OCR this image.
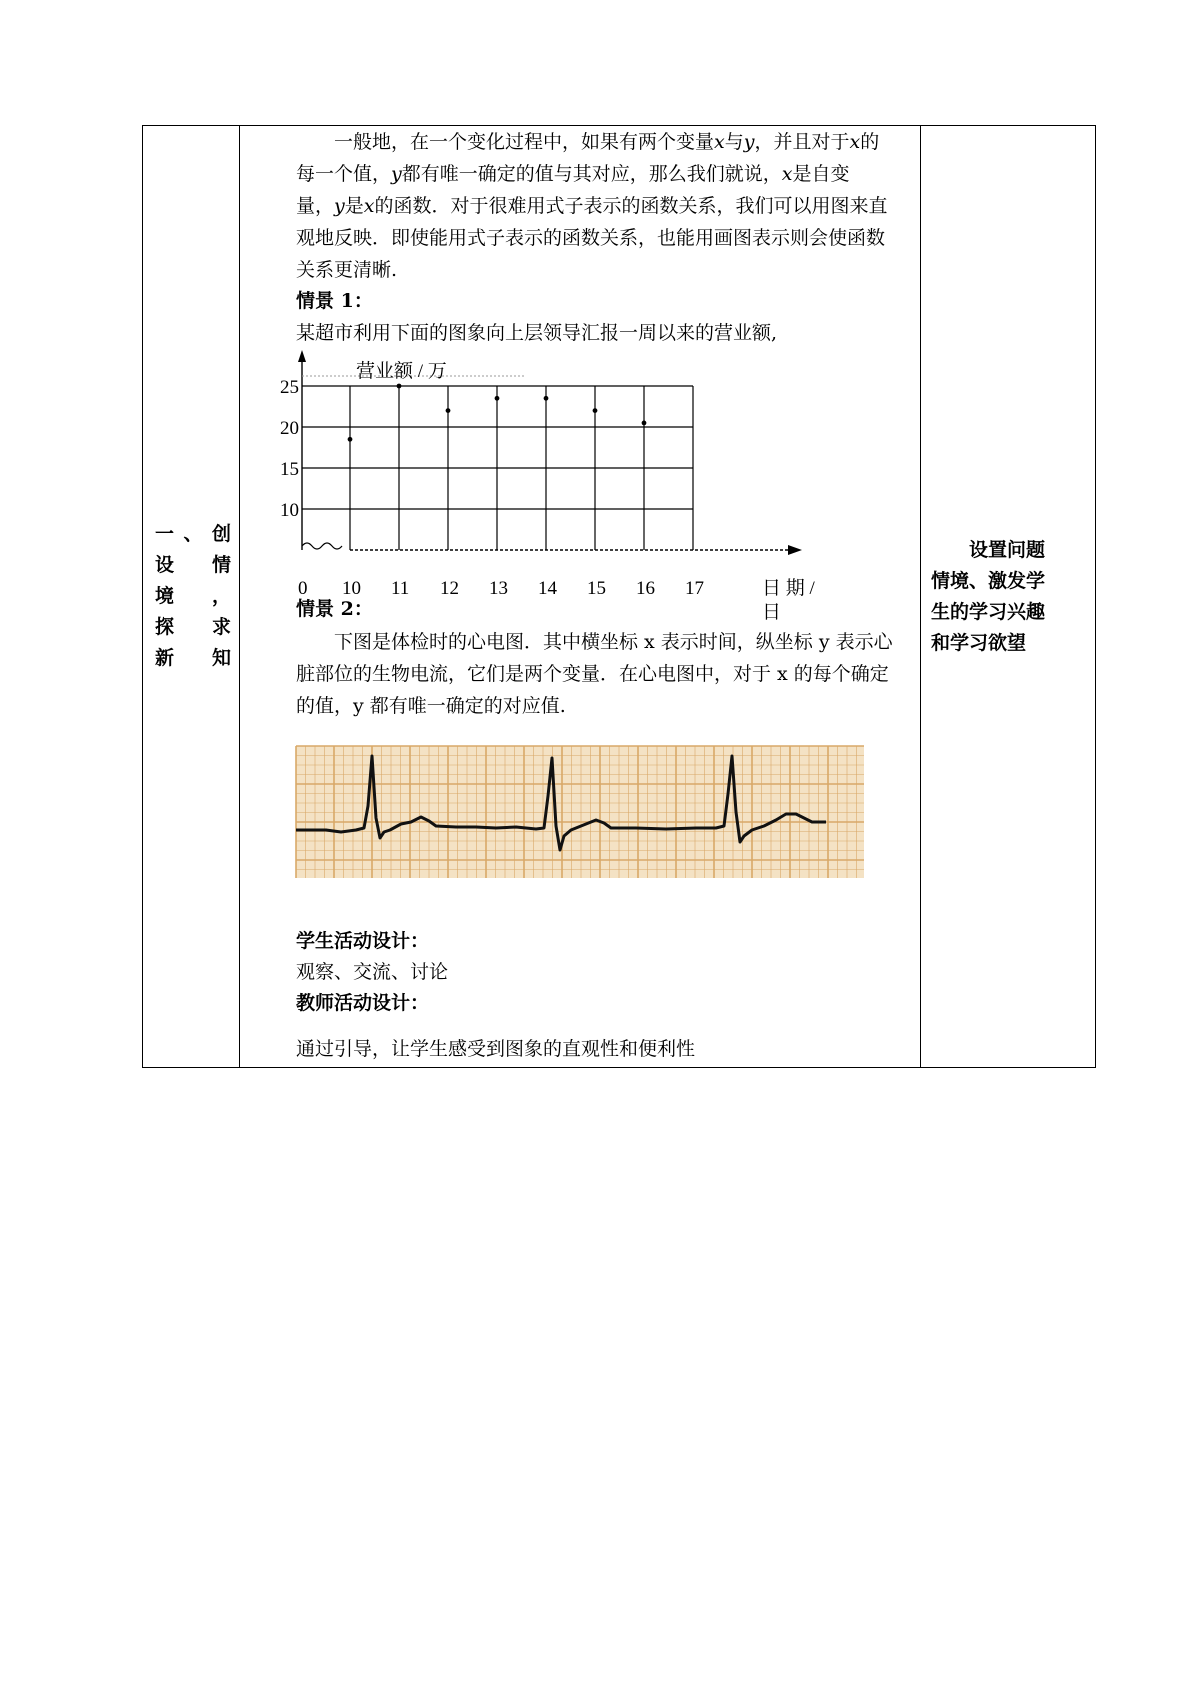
一、创
设 情
境 ，
探 求
新知

一般地，在一个变化过程中，如果有两个变量x与y，并且对于x的
每一个值，y都有唯一确定的值与其对应，那么我们就说，x是自变
量，y是x的函数．对于很难用式子表示的函数关系，我们可以用图来直
观地反映．即使能用式子表示的函数关系，也能用画图表示则会使函数
关系更清晰.

情景 1：

某超市利用下面的图象向上层领导汇报一周以来的营业额,

10
15
20
25
0 10 11 12 13 14 15 16 17
营业额 / 万
日 期 /
日

情景 2：

下图是体检时的心电图．其中横坐标 x 表示时间，纵坐标 y 表示心
脏部位的生物电流，它们是两个变量．在心电图中，对于 x 的每个确定
的值，y 都有唯一确定的对应值.

学生活动设计：

观察、交流、讨论

教师活动设计：

通过引导，让学生感受到图象的直观性和便利性

设置问题
情境、激发学
生的学习兴趣
和学习欲望
